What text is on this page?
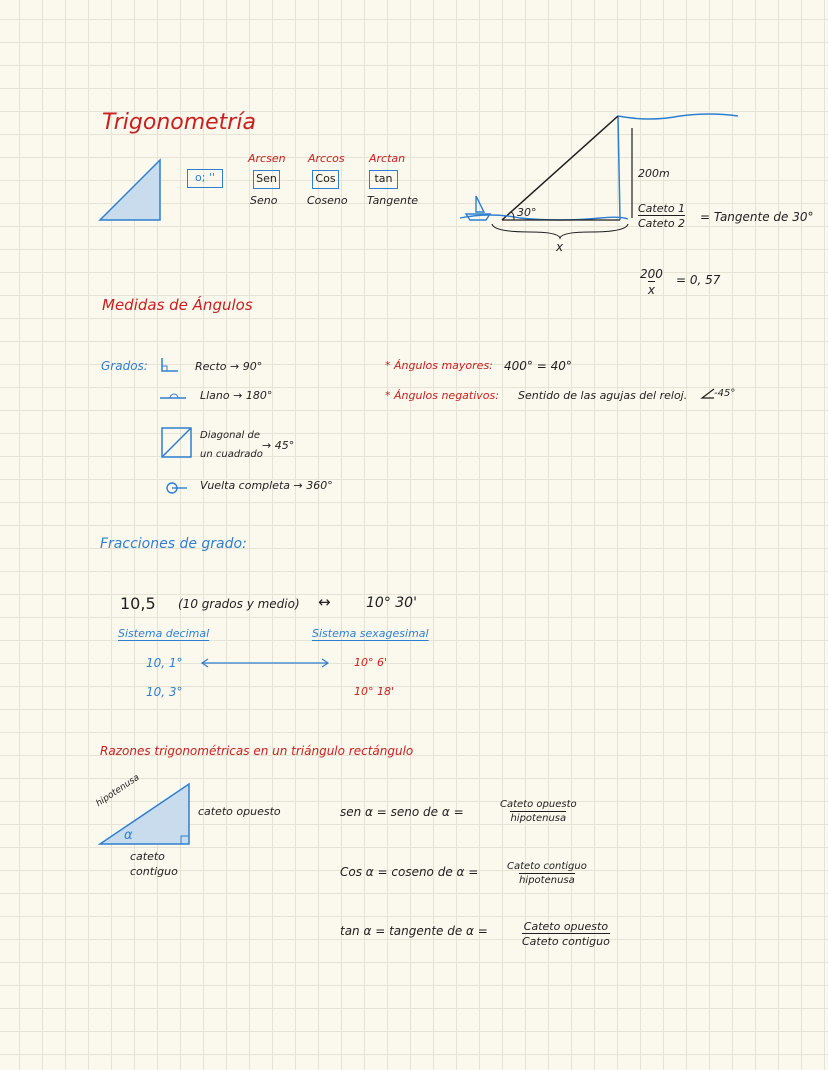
Trigonometría
o; ''
Arcsen
Sen
Seno
Arccos
Cos
Coseno
Arctan
tan
Tangente
30°
200m
x
Cateto 1
Cateto 2 = Tangente de 30°
$\frac{200}{x} = 0$, 57
Medidas de Ángulos
Grados:	Recto → 90°
Llano → 180°
Diagonal de
un cuadrado
→ 45°
Vuelta completa → 360°
* Ángulos mayores: 400° = 40°
* Ángulos negativos: Sentido de las agujas del reloj.	-45°
Fracciones de grado:
10,5 (10 grados y medio) ↔	10° 30'
Sistema decimal	Sistema sexagesimal
10, 1°	10° 6'
10, 3°	10° 18'
Razones trigonométricas en un triángulo rectángulo
hipotenusa
α
cateto opuesto
cateto
contiguo
sen α = seno de α =
Cateto opuesto
hipotenusa
Cos α = coseno de α =	Cateto contiguo
hipotenusa
tan α = tangente de α =	Cateto opuesto
Cateto contiguo
